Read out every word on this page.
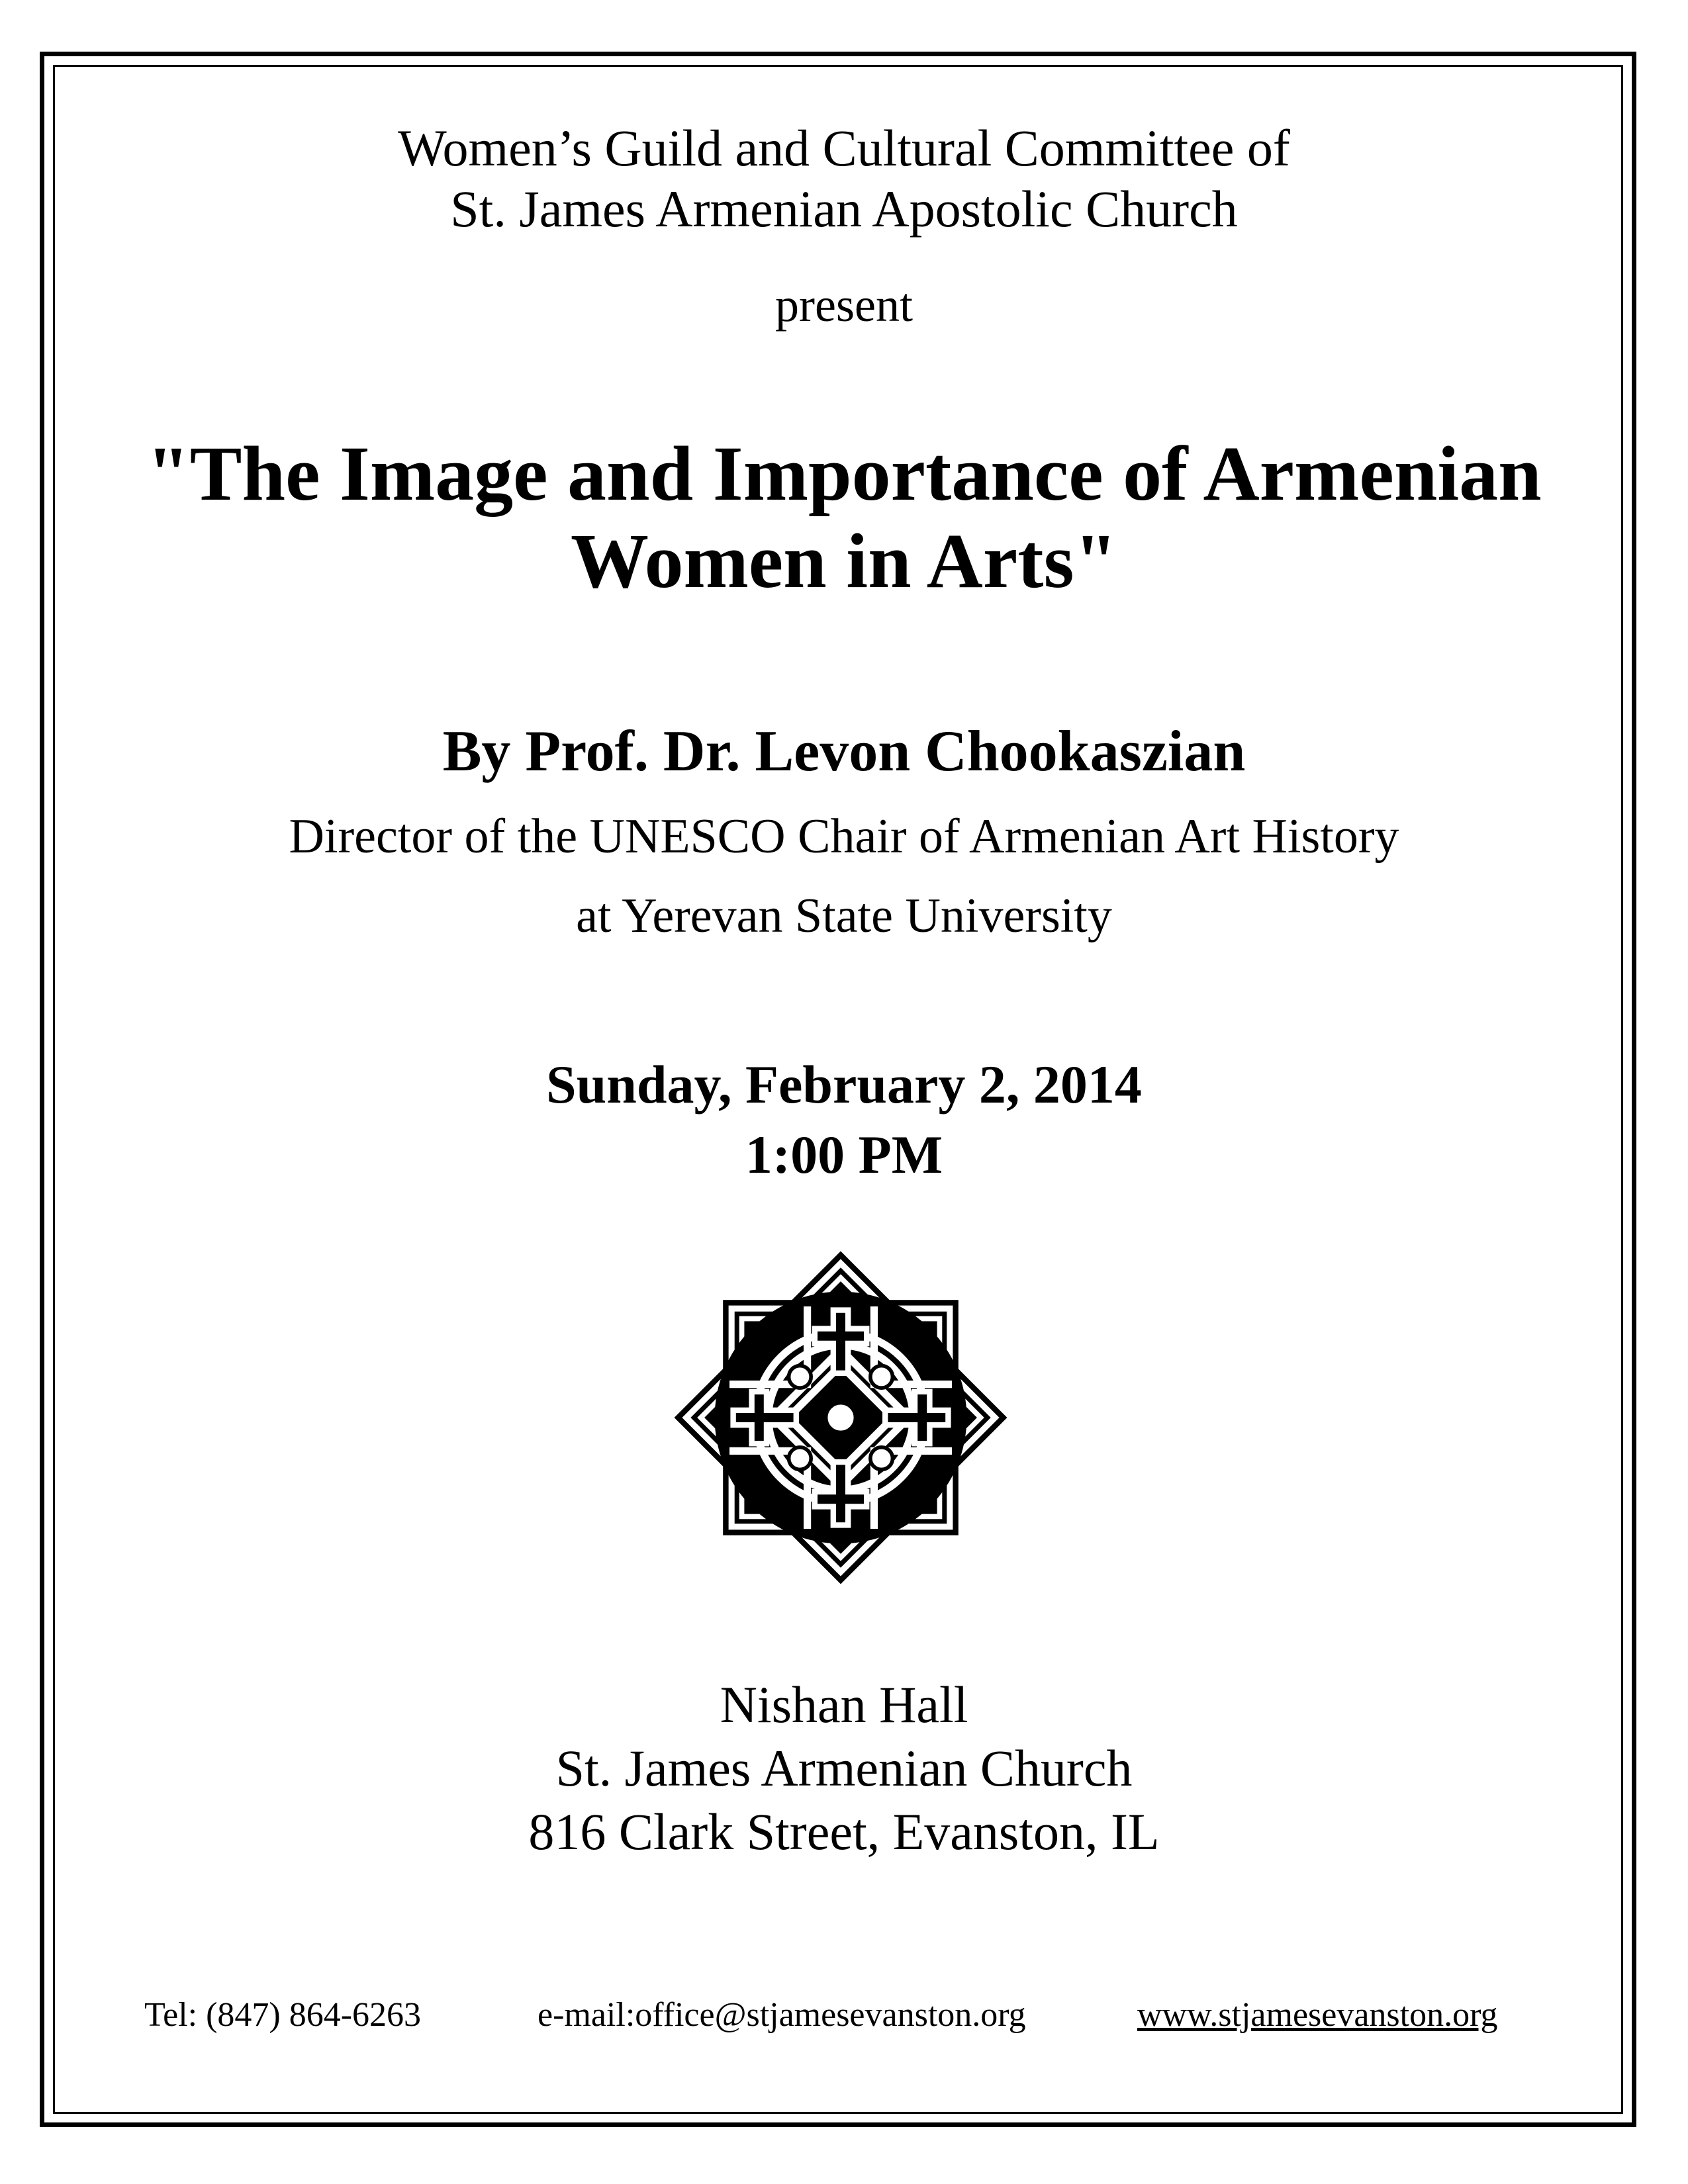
Women’s Guild and Cultural Committee of
St. James Armenian Apostolic Church
present
"The Image and Importance of Armenian
Women in Arts"
By Prof. Dr. Levon Chookaszian
Director of the UNESCO Chair of Armenian Art History
at Yerevan State University
Sunday, February 2, 2014
1:00 PM
Nishan Hall
St. James Armenian Church
816 Clark Street, Evanston, IL
Tel: (847) 864-6263	e-mail:office@stjamesevanston.org	www.stjamesevanston.org
